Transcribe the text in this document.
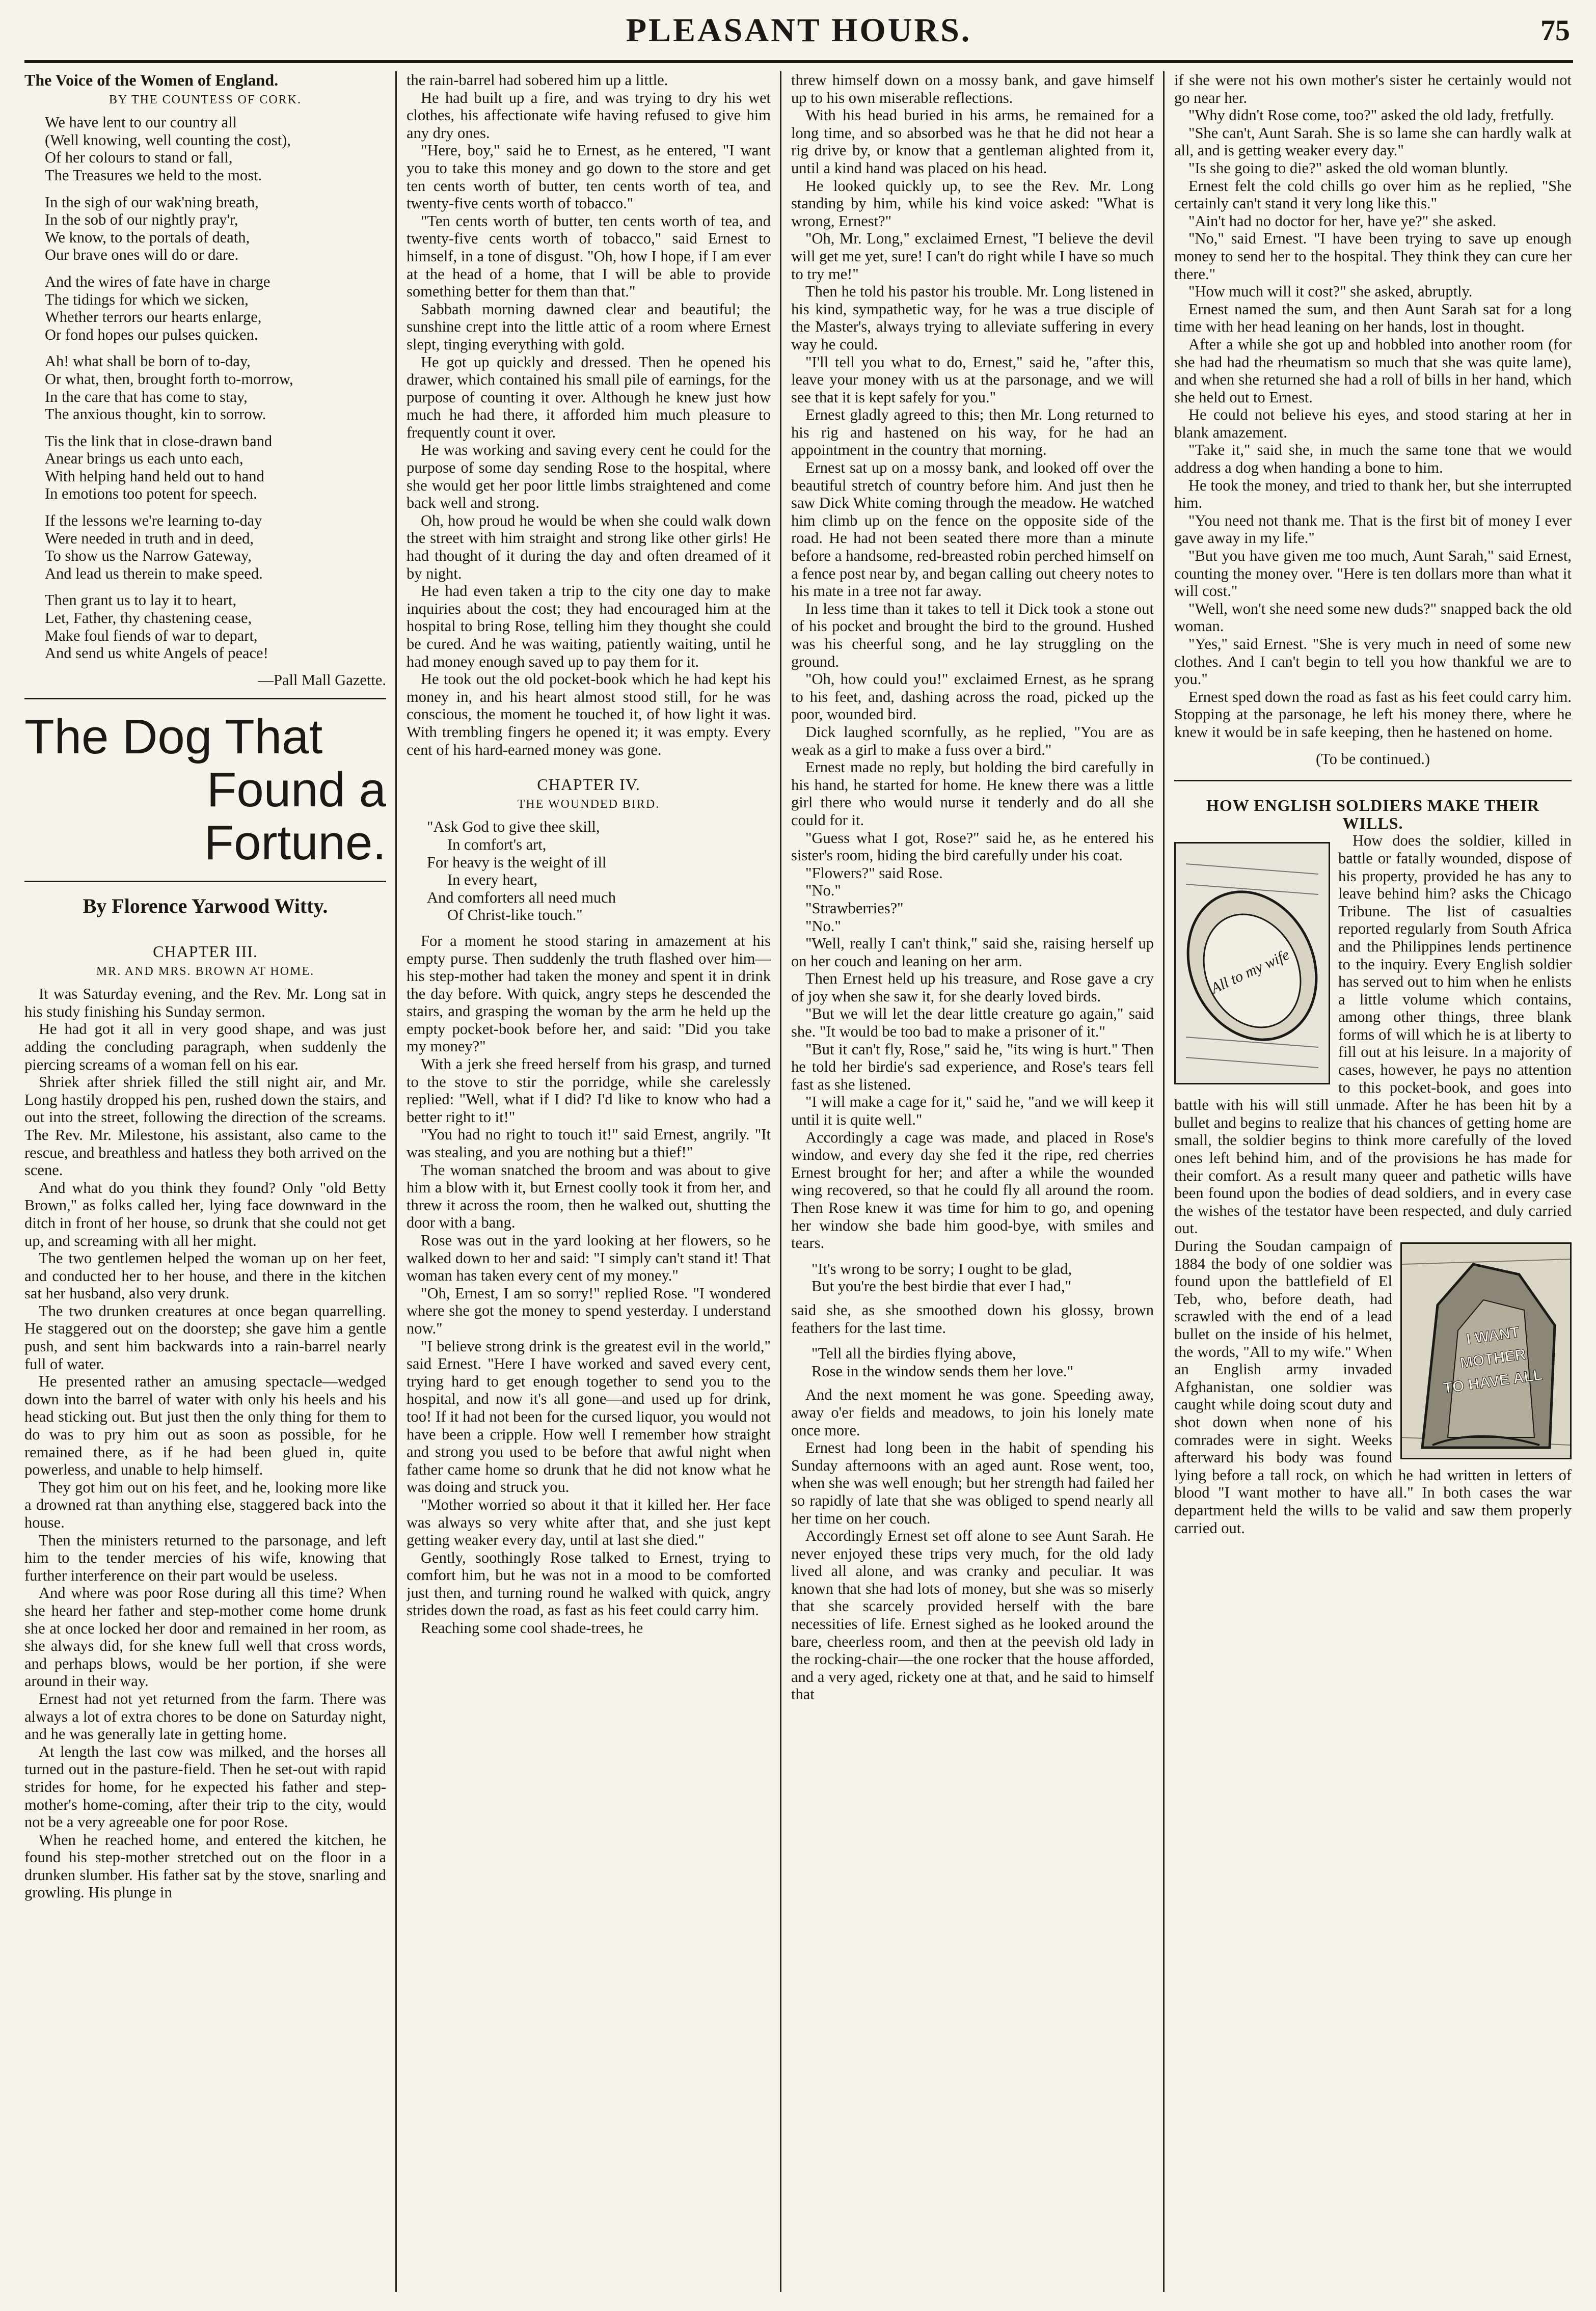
PLEASANT HOURS.	75

The Voice of the Women of England.

BY THE COUNTESS OF CORK.

We have lent to our country all
(Well knowing, well counting the cost),
Of her colours to stand or fall,
The Treasures we held to the most.
In the sigh of our wak'ning breath,
In the sob of our nightly pray'r,
We know, to the portals of death,
Our brave ones will do or dare.
And the wires of fate have in charge
The tidings for which we sicken,
Whether terrors our hearts enlarge,
Or fond hopes our pulses quicken.
Ah! what shall be born of to-day,
Or what, then, brought forth to-morrow,
In the care that has come to stay,
The anxious thought, kin to sorrow.
Tis the link that in close-drawn band
Anear brings us each unto each,
With helping hand held out to hand
In emotions too potent for speech.
If the lessons we're learning to-day
Were needed in truth and in deed,
To show us the Narrow Gateway,
And lead us therein to make speed.
Then grant us to lay it to heart,
Let, Father, thy chastening cease,
Make foul fiends of war to depart,
And send us white Angels of peace!

—Pall Mall Gazette.

The Dog That
Found a Fortune.

By Florence Yarwood Witty.

CHAPTER III.

MR. AND MRS. BROWN AT HOME.

It was Saturday evening, and the Rev. Mr. Long sat in his study finishing his Sunday sermon.

He had got it all in very good shape, and was just adding the concluding paragraph, when suddenly the piercing screams of a woman fell on his ear.

Shriek after shriek filled the still night air, and Mr. Long hastily dropped his pen, rushed down the stairs, and out into the street, following the direction of the screams. The Rev. Mr. Milestone, his assistant, also came to the rescue, and breathless and hatless they both arrived on the scene.

And what do you think they found? Only "old Betty Brown," as folks called her, lying face downward in the ditch in front of her house, so drunk that she could not get up, and screaming with all her might.

The two gentlemen helped the woman up on her feet, and conducted her to her house, and there in the kitchen sat her husband, also very drunk.

The two drunken creatures at once began quarrelling. He staggered out on the doorstep; she gave him a gentle push, and sent him backwards into a rain-barrel nearly full of water.

He presented rather an amusing spectacle—wedged down into the barrel of water with only his heels and his head sticking out. But just then the only thing for them to do was to pry him out as soon as possible, for he remained there, as if he had been glued in, quite powerless, and unable to help himself.

They got him out on his feet, and he, looking more like a drowned rat than anything else, staggered back into the house.

Then the ministers returned to the parsonage, and left him to the tender mercies of his wife, knowing that further interference on their part would be useless.

And where was poor Rose during all this time? When she heard her father and step-mother come home drunk she at once locked her door and remained in her room, as she always did, for she knew full well that cross words, and perhaps blows, would be her portion, if she were around in their way.

Ernest had not yet returned from the farm. There was always a lot of extra chores to be done on Saturday night, and he was generally late in getting home.

At length the last cow was milked, and the horses all turned out in the pasture-field. Then he set-out with rapid strides for home, for he expected his father and step-mother's home-coming, after their trip to the city, would not be a very agreeable one for poor Rose.

When he reached home, and entered the kitchen, he found his step-mother stretched out on the floor in a drunken slumber. His father sat by the stove, snarling and growling. His plunge in

the rain-barrel had sobered him up a little.

He had built up a fire, and was trying to dry his wet clothes, his affectionate wife having refused to give him any dry ones.

"Here, boy," said he to Ernest, as he entered, "I want you to take this money and go down to the store and get ten cents worth of butter, ten cents worth of tea, and twenty-five cents worth of tobacco."

"Ten cents worth of butter, ten cents worth of tea, and twenty-five cents worth of tobacco," said Ernest to himself, in a tone of disgust. "Oh, how I hope, if I am ever at the head of a home, that I will be able to provide something better for them than that."

Sabbath morning dawned clear and beautiful; the sunshine crept into the little attic of a room where Ernest slept, tinging everything with gold.

He got up quickly and dressed. Then he opened his drawer, which contained his small pile of earnings, for the purpose of counting it over. Although he knew just how much he had there, it afforded him much pleasure to frequently count it over.

He was working and saving every cent he could for the purpose of some day sending Rose to the hospital, where she would get her poor little limbs straightened and come back well and strong.

Oh, how proud he would be when she could walk down the street with him straight and strong like other girls! He had thought of it during the day and often dreamed of it by night.

He had even taken a trip to the city one day to make inquiries about the cost; they had encouraged him at the hospital to bring Rose, telling him they thought she could be cured. And he was waiting, patiently waiting, until he had money enough saved up to pay them for it.

He took out the old pocket-book which he had kept his money in, and his heart almost stood still, for he was conscious, the moment he touched it, of how light it was. With trembling fingers he opened it; it was empty. Every cent of his hard-earned money was gone.

CHAPTER IV.

THE WOUNDED BIRD.

"Ask God to give thee skill,
In comfort's art,
For heavy is the weight of ill
In every heart,
And comforters all need much
Of Christ-like touch."

For a moment he stood staring in amazement at his empty purse. Then suddenly the truth flashed over him—his step-mother had taken the money and spent it in drink the day before. With quick, angry steps he descended the stairs, and grasping the woman by the arm he held up the empty pocket-book before her, and said: "Did you take my money?"

With a jerk she freed herself from his grasp, and turned to the stove to stir the porridge, while she carelessly replied: "Well, what if I did? I'd like to know who had a better right to it!"

"You had no right to touch it!" said Ernest, angrily. "It was stealing, and you are nothing but a thief!"

The woman snatched the broom and was about to give him a blow with it, but Ernest coolly took it from her, and threw it across the room, then he walked out, shutting the door with a bang.

Rose was out in the yard looking at her flowers, so he walked down to her and said: "I simply can't stand it! That woman has taken every cent of my money."

"Oh, Ernest, I am so sorry!" replied Rose. "I wondered where she got the money to spend yesterday. I understand now."

"I believe strong drink is the greatest evil in the world," said Ernest. "Here I have worked and saved every cent, trying hard to get enough together to send you to the hospital, and now it's all gone—and used up for drink, too! If it had not been for the cursed liquor, you would not have been a cripple. How well I remember how straight and strong you used to be before that awful night when father came home so drunk that he did not know what he was doing and struck you.

"Mother worried so about it that it killed her. Her face was always so very white after that, and she just kept getting weaker every day, until at last she died."

Gently, soothingly Rose talked to Ernest, trying to comfort him, but he was not in a mood to be comforted just then, and turning round he walked with quick, angry strides down the road, as fast as his feet could carry him.

Reaching some cool shade-trees, he

threw himself down on a mossy bank, and gave himself up to his own miserable reflections.

With his head buried in his arms, he remained for a long time, and so absorbed was he that he did not hear a rig drive by, or know that a gentleman alighted from it, until a kind hand was placed on his head.

He looked quickly up, to see the Rev. Mr. Long standing by him, while his kind voice asked: "What is wrong, Ernest?"

"Oh, Mr. Long," exclaimed Ernest, "I believe the devil will get me yet, sure! I can't do right while I have so much to try me!"

Then he told his pastor his trouble. Mr. Long listened in his kind, sympathetic way, for he was a true disciple of the Master's, always trying to alleviate suffering in every way he could.

"I'll tell you what to do, Ernest," said he, "after this, leave your money with us at the parsonage, and we will see that it is kept safely for you."

Ernest gladly agreed to this; then Mr. Long returned to his rig and hastened on his way, for he had an appointment in the country that morning.

Ernest sat up on a mossy bank, and looked off over the beautiful stretch of country before him. And just then he saw Dick White coming through the meadow. He watched him climb up on the fence on the opposite side of the road. He had not been seated there more than a minute before a handsome, red-breasted robin perched himself on a fence post near by, and began calling out cheery notes to his mate in a tree not far away.

In less time than it takes to tell it Dick took a stone out of his pocket and brought the bird to the ground. Hushed was his cheerful song, and he lay struggling on the ground.

"Oh, how could you!" exclaimed Ernest, as he sprang to his feet, and, dashing across the road, picked up the poor, wounded bird.

Dick laughed scornfully, as he replied, "You are as weak as a girl to make a fuss over a bird."

Ernest made no reply, but holding the bird carefully in his hand, he started for home. He knew there was a little girl there who would nurse it tenderly and do all she could for it.

"Guess what I got, Rose?" said he, as he entered his sister's room, hiding the bird carefully under his coat.

"Flowers?" said Rose.

"No."

"Strawberries?"

"No."

"Well, really I can't think," said she, raising herself up on her couch and leaning on her arm.

Then Ernest held up his treasure, and Rose gave a cry of joy when she saw it, for she dearly loved birds.

"But we will let the dear little creature go again," said she. "It would be too bad to make a prisoner of it."

"But it can't fly, Rose," said he, "its wing is hurt." Then he told her birdie's sad experience, and Rose's tears fell fast as she listened.

"I will make a cage for it," said he, "and we will keep it until it is quite well."

Accordingly a cage was made, and placed in Rose's window, and every day she fed it the ripe, red cherries Ernest brought for her; and after a while the wounded wing recovered, so that he could fly all around the room. Then Rose knew it was time for him to go, and opening her window she bade him good-bye, with smiles and tears.

"It's wrong to be sorry; I ought to be glad,
But you're the best birdie that ever I had,"

said she, as she smoothed down his glossy, brown feathers for the last time.

"Tell all the birdies flying above,
Rose in the window sends them her love."

And the next moment he was gone. Speeding away, away o'er fields and meadows, to join his lonely mate once more.

Ernest had long been in the habit of spending his Sunday afternoons with an aged aunt. Rose went, too, when she was well enough; but her strength had failed her so rapidly of late that she was obliged to spend nearly all her time on her couch.

Accordingly Ernest set off alone to see Aunt Sarah. He never enjoyed these trips very much, for the old lady lived all alone, and was cranky and peculiar. It was known that she had lots of money, but she was so miserly that she scarcely provided herself with the bare necessities of life. Ernest sighed as he looked around the bare, cheerless room, and then at the peevish old lady in the rocking-chair—the one rocker that the house afforded, and a very aged, rickety one at that, and he said to himself that

if she were not his own mother's sister he certainly would not go near her.

"Why didn't Rose come, too?" asked the old lady, fretfully.

"She can't, Aunt Sarah. She is so lame she can hardly walk at all, and is getting weaker every day."

"Is she going to die?" asked the old woman bluntly.

Ernest felt the cold chills go over him as he replied, "She certainly can't stand it very long like this."

"Ain't had no doctor for her, have ye?" she asked.

"No," said Ernest. "I have been trying to save up enough money to send her to the hospital. They think they can cure her there."

"How much will it cost?" she asked, abruptly.

Ernest named the sum, and then Aunt Sarah sat for a long time with her head leaning on her hands, lost in thought.

After a while she got up and hobbled into another room (for she had had the rheumatism so much that she was quite lame), and when she returned she had a roll of bills in her hand, which she held out to Ernest.

He could not believe his eyes, and stood staring at her in blank amazement.

"Take it," said she, in much the same tone that we would address a dog when handing a bone to him.

He took the money, and tried to thank her, but she interrupted him.

"You need not thank me. That is the first bit of money I ever gave away in my life."

"But you have given me too much, Aunt Sarah," said Ernest, counting the money over. "Here is ten dollars more than what it will cost."

"Well, won't she need some new duds?" snapped back the old woman.

"Yes," said Ernest. "She is very much in need of some new clothes. And I can't begin to tell you how thankful we are to you."

Ernest sped down the road as fast as his feet could carry him. Stopping at the parsonage, he left his money there, where he knew it would be in safe keeping, then he hastened on home.

(To be continued.)

HOW ENGLISH SOLDIERS MAKE THEIR WILLS.

All to my wife

How does the soldier, killed in battle or fatally wounded, dispose of his property, provided he has any to leave behind him? asks the Chicago Tribune. The list of casualties reported regularly from South Africa and the Philippines lends pertinence to the inquiry. Every English soldier has served out to him when he enlists a little volume which contains, among other things, three blank forms of will which he is at liberty to fill out at his leisure. In a majority of cases, however, he pays no attention to this pocket-book, and goes into battle with his will still unmade. After he has been hit by a bullet and begins to realize that his chances of getting home are small, the soldier begins to think more carefully of the loved ones left behind him, and of the provisions he has made for their comfort. As a result many queer and pathetic wills have been found upon the bodies of dead soldiers, and in every case the wishes of the testator have been respected, and duly carried out.

I WANT
MOTHER
TO HAVE ALL

During the Soudan campaign of 1884 the body of one soldier was found upon the battlefield of El Teb, who, before death, had scrawled with the end of a lead bullet on the inside of his helmet, the words, "All to my wife." When an English army invaded Afghanistan, one soldier was caught while doing scout duty and shot down when none of his comrades were in sight. Weeks afterward his body was found lying before a tall rock, on which he had written in letters of blood "I want mother to have all." In both cases the war department held the wills to be valid and saw them properly carried out.
